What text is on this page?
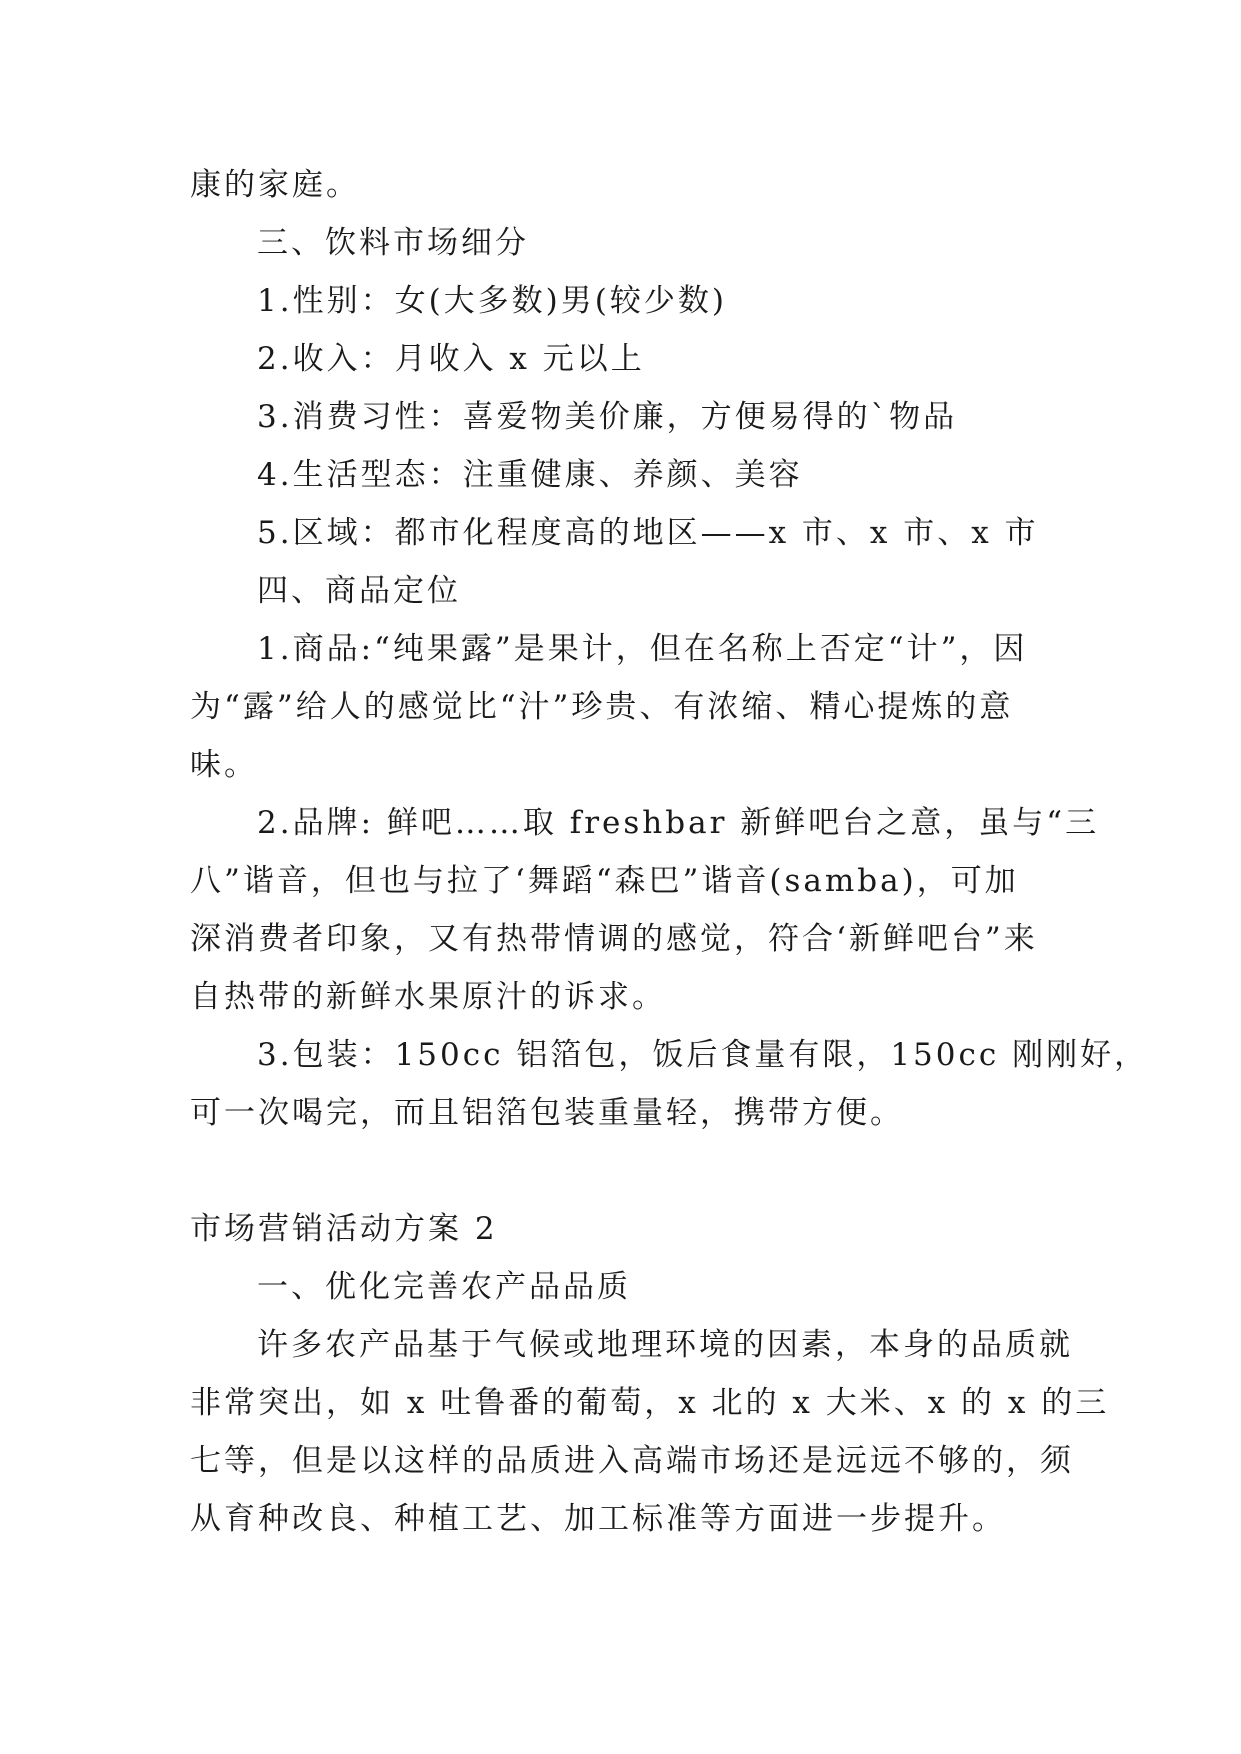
康的家庭。
三、饮料市场细分
1.性别：女(大多数)男(较少数)
2.收入：月收入 x 元以上
3.消费习性：喜爱物美价廉，方便易得的`物品
4.生活型态：注重健康、养颜、美容
5.区域：都市化程度高的地区——x 市、x 市、x 市
四、商品定位
1.商品:“纯果露”是果计，但在名称上否定“计”，因
为“露”给人的感觉比“汁”珍贵、有浓缩、精心提炼的意
味。
2.品牌: 鲜吧……取 freshbar 新鲜吧台之意，虽与“三
八”谐音，但也与拉了‘舞蹈“森巴”谐音(samba)，可加
深消费者印象，又有热带情调的感觉，符合‘新鲜吧台”来
自热带的新鲜水果原汁的诉求。
3.包装：150cc 铝箔包，饭后食量有限，150cc 刚刚好，
可一次喝完，而且铝箔包装重量轻，携带方便。
市场营销活动方案 2
一、优化完善农产品品质
许多农产品基于气候或地理环境的因素，本身的品质就
非常突出，如 x 吐鲁番的葡萄，x 北的 x 大米、x 的 x 的三
七等，但是以这样的品质进入高端市场还是远远不够的，须
从育种改良、种植工艺、加工标准等方面进一步提升。
